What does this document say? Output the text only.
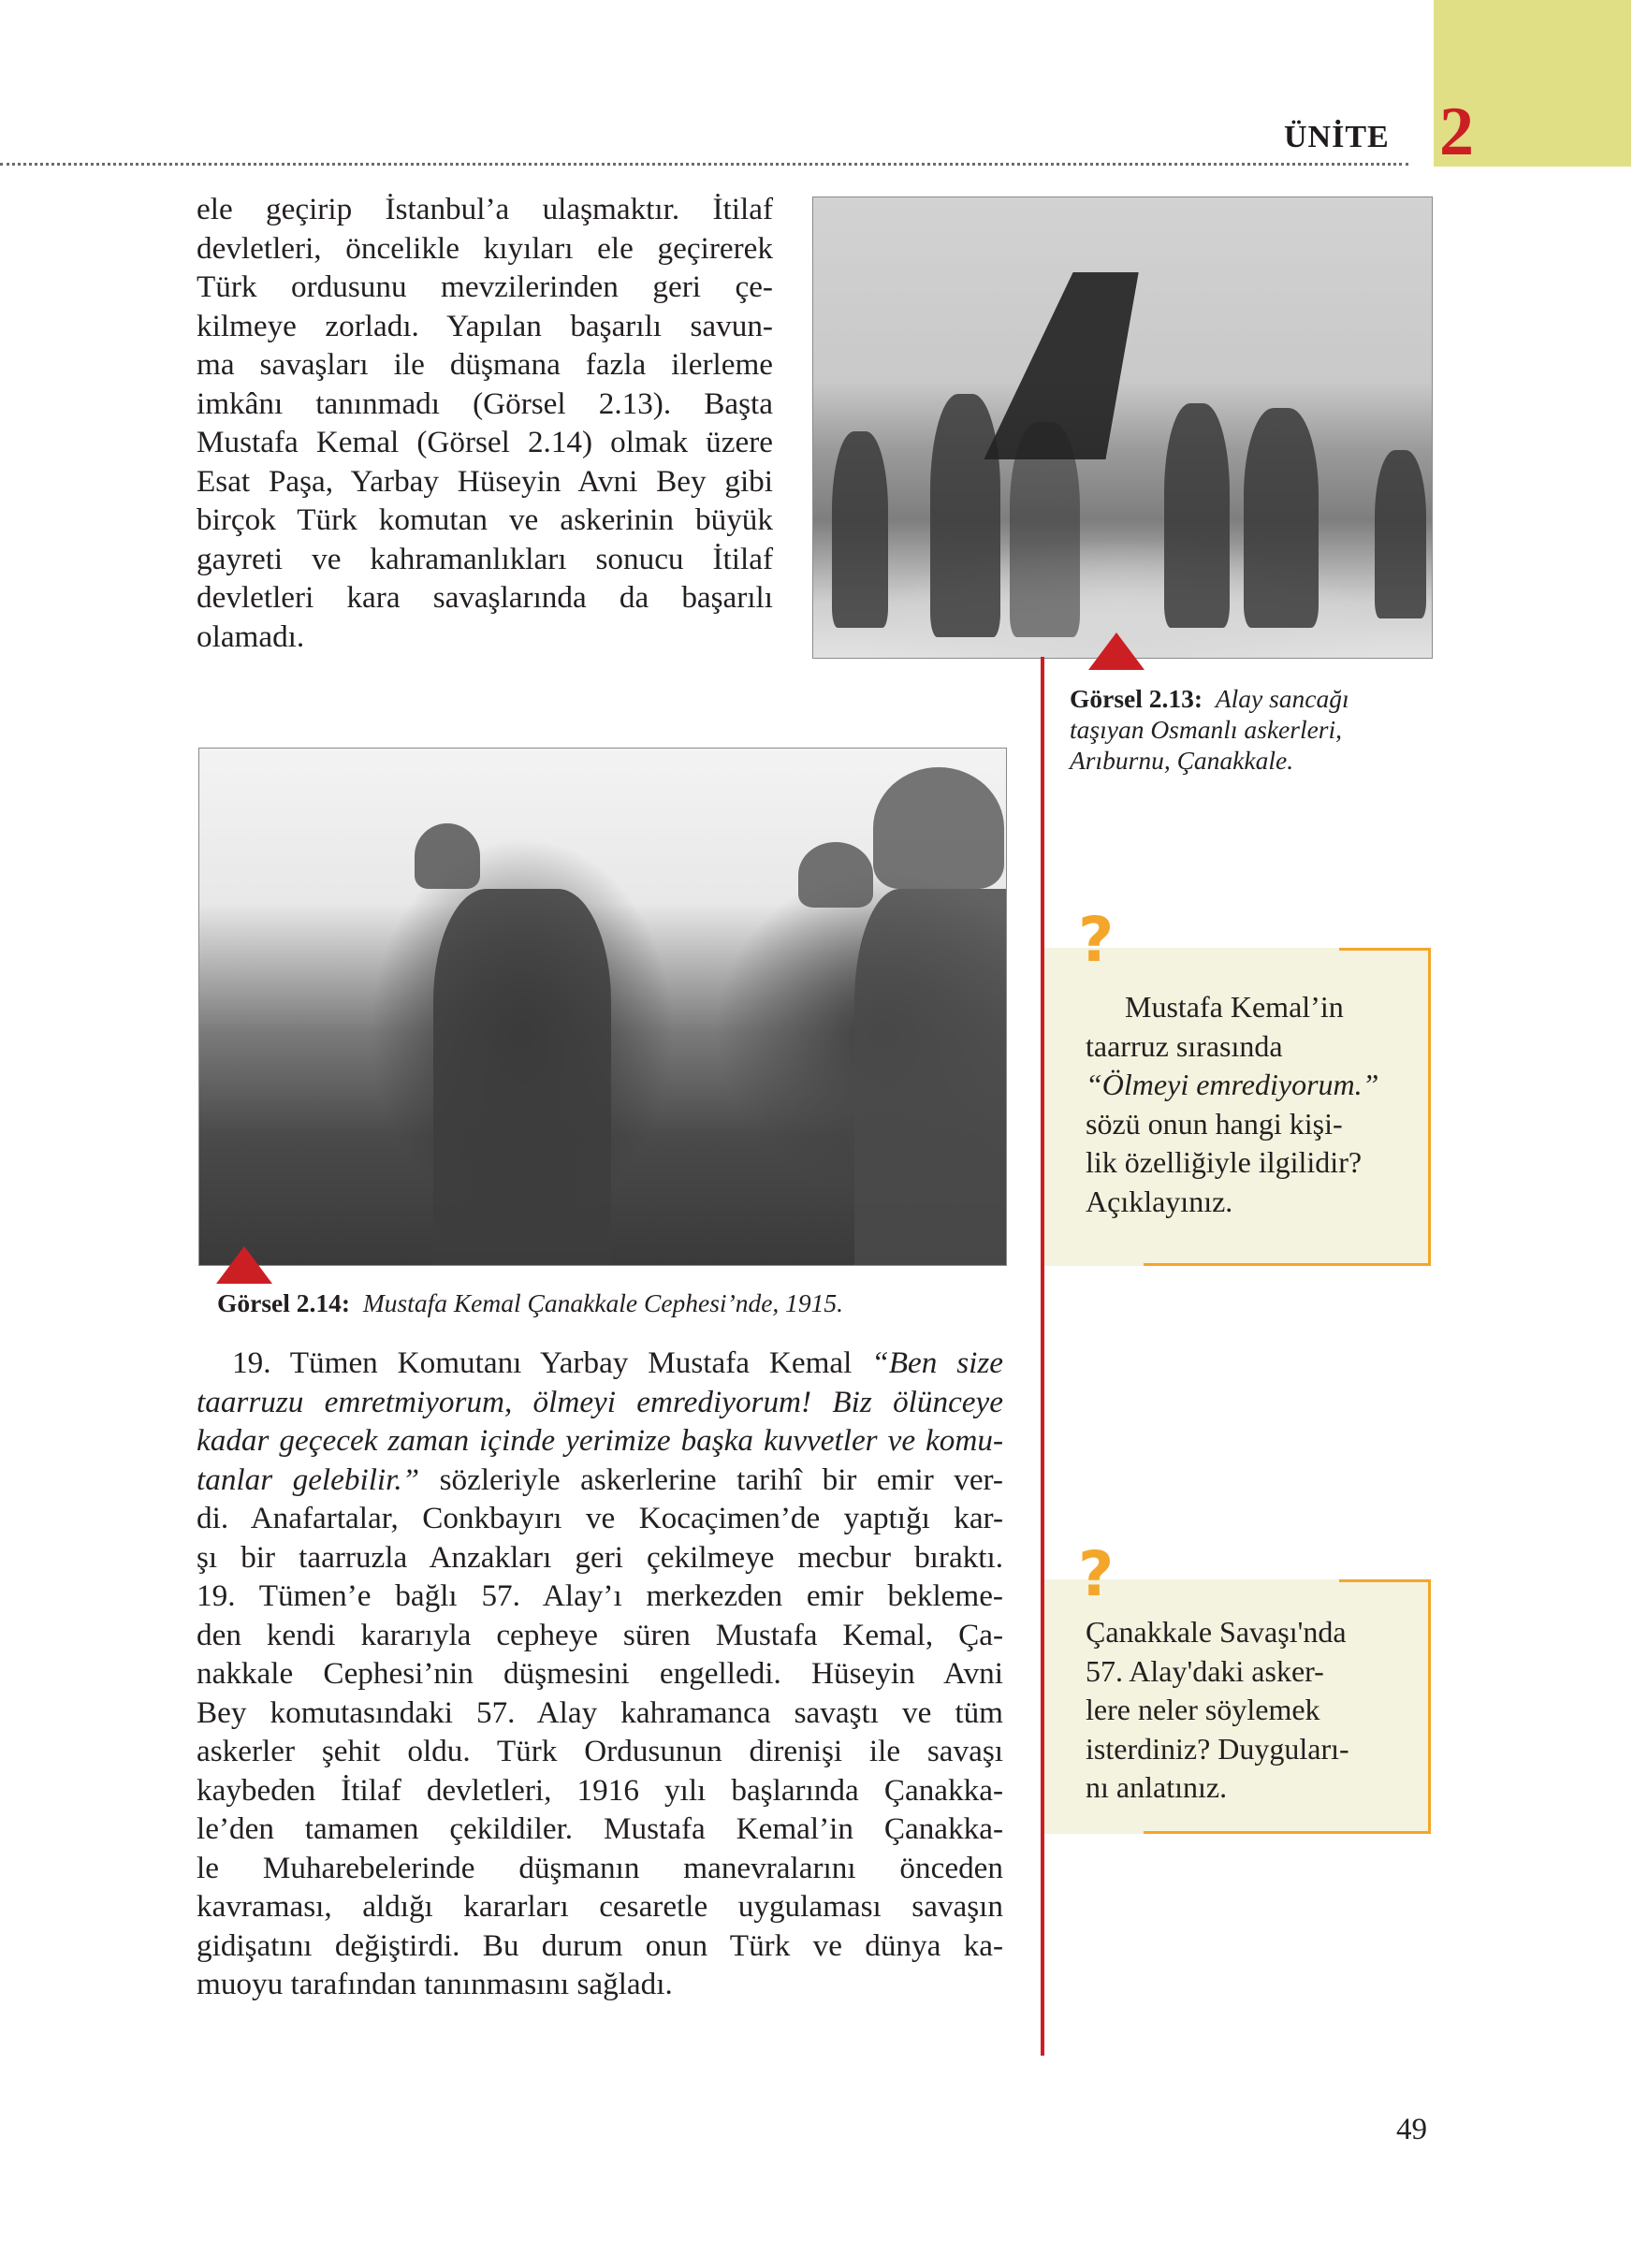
2
ÜNİTE
ele geçirip İstanbul’a ulaşmaktır. İtilaf
devletleri, öncelikle kıyıları ele geçirerek
Türk ordusunu mevzilerinden geri çe-
kilmeye zorladı. Yapılan başarılı savun-
ma savaşları ile düşmana fazla ilerleme
imkânı tanınmadı (Görsel 2.13). Başta
Mustafa Kemal (Görsel 2.14) olmak üzere
Esat Paşa, Yarbay Hüseyin Avni Bey gibi
birçok Türk komutan ve askerinin büyük
gayreti ve kahramanlıkları sonucu İtilaf
devletleri kara savaşlarında da başarılı
olamadı.
Görsel 2.13: Alay sancağı
taşıyan Osmanlı askerleri,
Arıburnu, Çanakkale.
Görsel 2.14: Mustafa Kemal Çanakkale Cephesi’nde, 1915.
19. Tümen Komutanı Yarbay Mustafa Kemal “Ben size
taarruzu emretmiyorum, ölmeyi emrediyorum! Biz ölünceye
kadar geçecek zaman içinde yerimize başka kuvvetler ve komu-
tanlar gelebilir.” sözleriyle askerlerine tarihî bir emir ver-
di. Anafartalar, Conkbayırı ve Kocaçimen’de yaptığı kar-
şı bir taarruzla Anzakları geri çekilmeye mecbur bıraktı.
19. Tümen’e bağlı 57. Alay’ı merkezden emir bekleme-
den kendi kararıyla cepheye süren Mustafa Kemal, Ça-
nakkale Cephesi’nin düşmesini engelledi. Hüseyin Avni
Bey komutasındaki 57. Alay kahramanca savaştı ve tüm
askerler şehit oldu. Türk Ordusunun direnişi ile savaşı
kaybeden İtilaf devletleri, 1916 yılı başlarında Çanakka-
le’den tamamen çekildiler. Mustafa Kemal’in Çanakka-
le Muharebelerinde düşmanın manevralarını önceden
kavraması, aldığı kararları cesaretle uygulaması savaşın
gidişatını değiştirdi. Bu durum onun Türk ve dünya ka-
muoyu tarafından tanınmasını sağladı.
?
Mustafa Kemal’in
taarruz sırasında
“Ölmeyi emrediyorum.”
sözü onun hangi kişi-
lik özelliğiyle ilgilidir?
Açıklayınız.
?
Çanakkale Savaşı'nda
57. Alay'daki asker-
lere neler söylemek
isterdiniz? Duyguları-
nı anlatınız.
49
